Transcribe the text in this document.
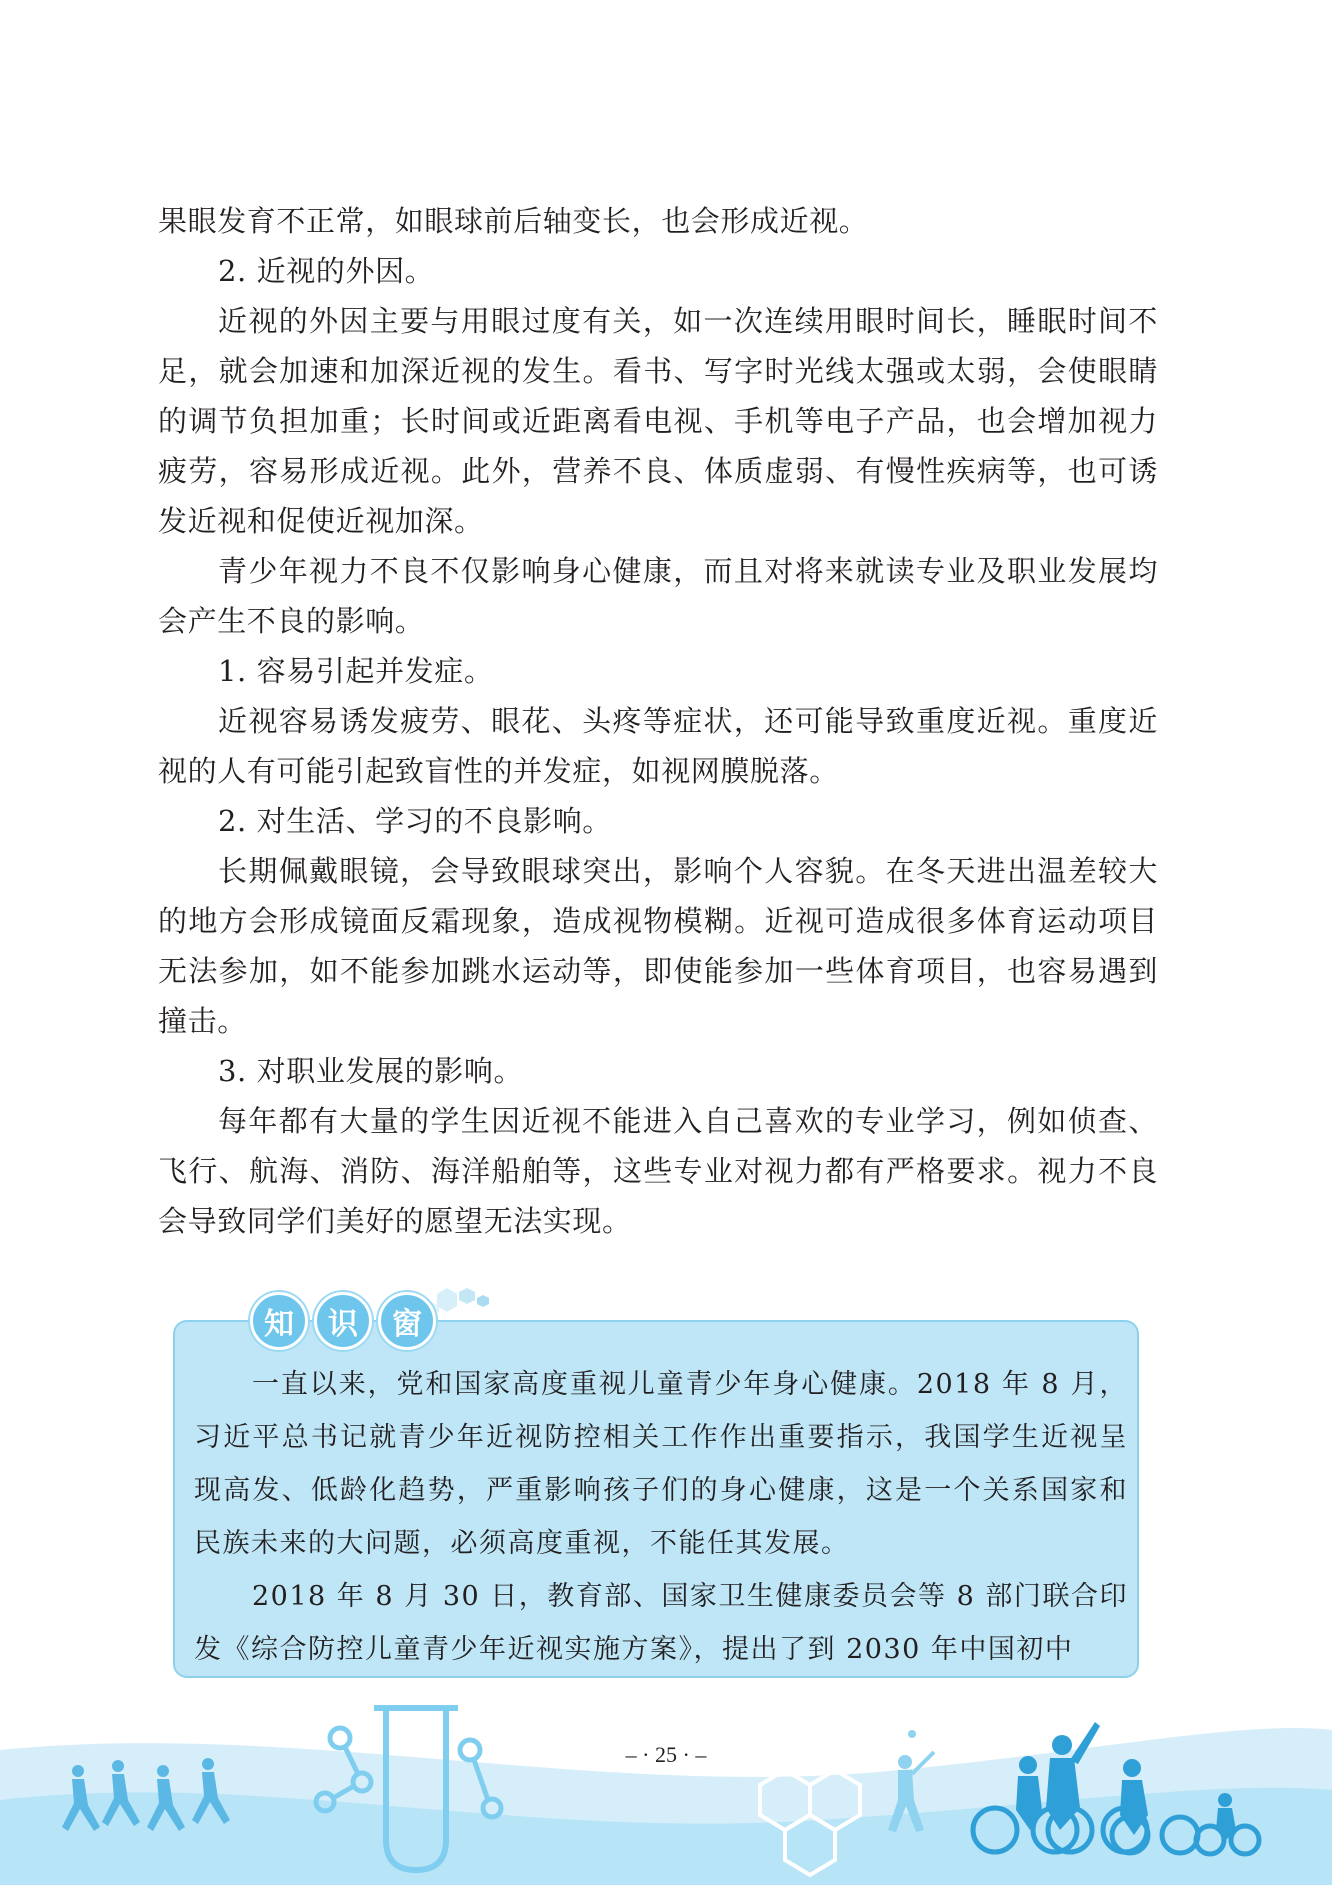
果眼发育不正常，如眼球前后轴变长，也会形成近视。

2. 近视的外因。

近视的外因主要与用眼过度有关，如一次连续用眼时间长，睡眠时间不足，就会加速和加深近视的发生。看书、写字时光线太强或太弱，会使眼睛的调节负担加重；长时间或近距离看电视、手机等电子产品，也会增加视力疲劳，容易形成近视。此外，营养不良、体质虚弱、有慢性疾病等，也可诱发近视和促使近视加深。

青少年视力不良不仅影响身心健康，而且对将来就读专业及职业发展均会产生不良的影响。

1. 容易引起并发症。

近视容易诱发疲劳、眼花、头疼等症状，还可能导致重度近视。重度近视的人有可能引起致盲性的并发症，如视网膜脱落。

2. 对生活、学习的不良影响。

长期佩戴眼镜，会导致眼球突出，影响个人容貌。在冬天进出温差较大的地方会形成镜面反霜现象，造成视物模糊。近视可造成很多体育运动项目无法参加，如不能参加跳水运动等，即使能参加一些体育项目，也容易遇到撞击。

3. 对职业发展的影响。

每年都有大量的学生因近视不能进入自己喜欢的专业学习，例如侦查、飞行、航海、消防、海洋船舶等，这些专业对视力都有严格要求。视力不良会导致同学们美好的愿望无法实现。

知	识	窗

一直以来，党和国家高度重视儿童青少年身心健康。2018 年 8 月，习近平总书记就青少年近视防控相关工作作出重要指示，我国学生近视呈现高发、低龄化趋势，严重影响孩子们的身心健康，这是一个关系国家和民族未来的大问题，必须高度重视，不能任其发展。

2018 年 8 月 30 日，教育部、国家卫生健康委员会等 8 部门联合印发《综合防控儿童青少年近视实施方案》，提出了到 2030 年中国初中

– · 25 · –
